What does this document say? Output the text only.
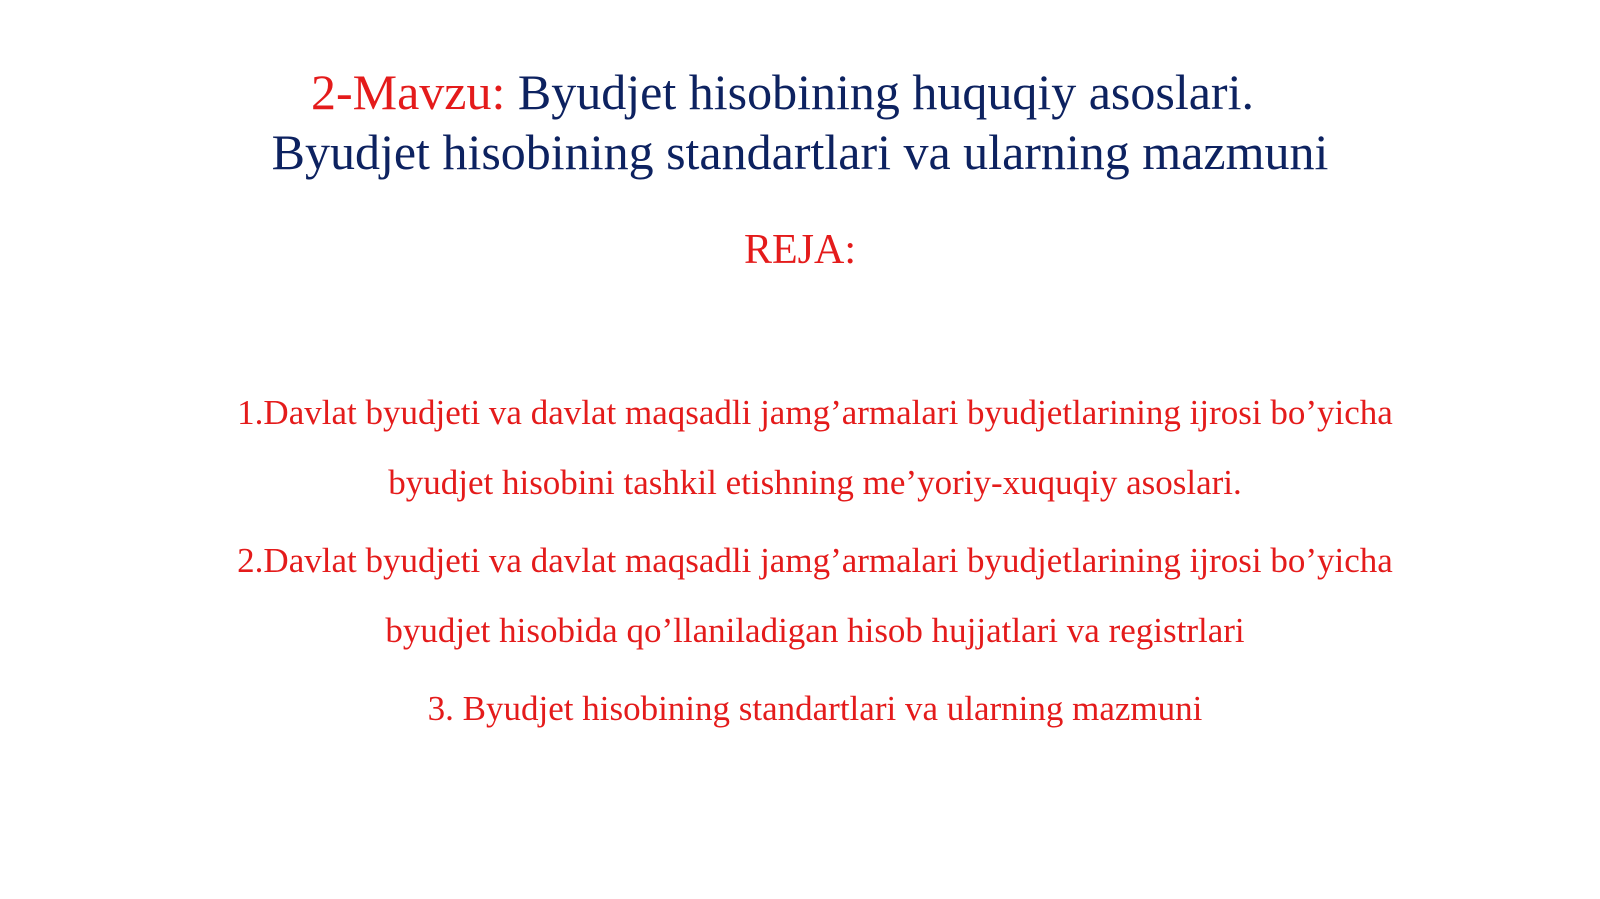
2-Mavzu: Byudjet hisobining huquqiy asoslari.
Byudjet hisobining standartlari va ularning mazmuni
REJA:
1.Davlat byudjeti va davlat maqsadli jamg’armalari byudjetlarining ijrosi bo’yicha
byudjet hisobini tashkil etishning me’yoriy-xuquqiy asoslari.
2.Davlat byudjeti va davlat maqsadli jamg’armalari byudjetlarining ijrosi bo’yicha
byudjet hisobida qo’llaniladigan hisob hujjatlari va registrlari
3. Byudjet hisobining standartlari va ularning mazmuni
